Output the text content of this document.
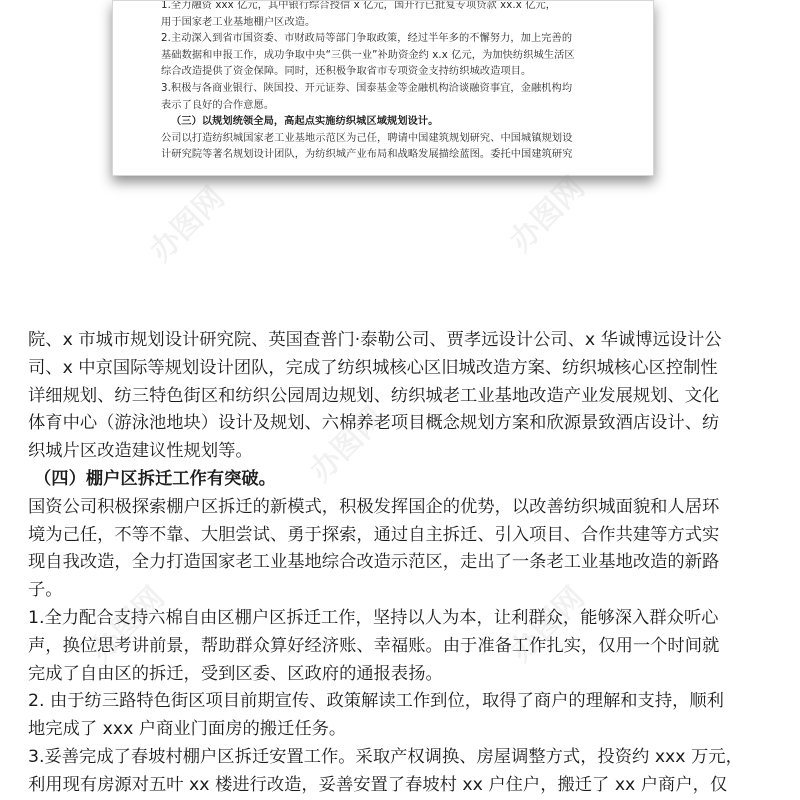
1.全力融资 xxx 亿元，其中银行综合授信 x 亿元，国开行已批复专项贷款 xx.x 亿元，
用于国家老工业基地棚户区改造。
2.主动深入到省市国资委、市财政局等部门争取政策，经过半年多的不懈努力，加上完善的
基础数据和申报工作，成功争取中央“三供一业”补助资金约 x.x 亿元，为加快纺织城生活区
综合改造提供了资金保障。同时，还积极争取省市专项资金支持纺织城改造项目。
3.积极与各商业银行、陕国投、开元证券、国泰基金等金融机构洽谈融资事宜，金融机构均
表示了良好的合作意愿。
（三）以规划统领全局，高起点实施纺织城区域规划设计。
公司以打造纺织城国家老工业基地示范区为己任，聘请中国建筑规划研究、中国城镇规划设
计研究院等著名规划设计团队，为纺织城产业布局和战略发展描绘蓝图。委托中国建筑研究
办图网	办图网
办图网
办图网	办图网
院、x 市城市规划设计研究院、英国查普门·泰勒公司、贾孝远设计公司、x 华诚博远设计公
司、x 中京国际等规划设计团队，完成了纺织城核心区旧城改造方案、纺织城核心区控制性
详细规划、纺三特色街区和纺织公园周边规划、纺织城老工业基地改造产业发展规划、文化
体育中心（游泳池地块）设计及规划、六棉养老项目概念规划方案和欣源景致酒店设计、纺
织城片区改造建议性规划等。
（四）棚户区拆迁工作有突破。
国资公司积极探索棚户区拆迁的新模式，积极发挥国企的优势，以改善纺织城面貌和人居环
境为己任，不等不靠、大胆尝试、勇于探索，通过自主拆迁、引入项目、合作共建等方式实
现自我改造，全力打造国家老工业基地综合改造示范区，走出了一条老工业基地改造的新路
子。
1.全力配合支持六棉自由区棚户区拆迁工作，坚持以人为本，让利群众，能够深入群众听心
声，换位思考讲前景，帮助群众算好经济账、幸福账。由于准备工作扎实，仅用一个时间就
完成了自由区的拆迁，受到区委、区政府的通报表扬。
2. 由于纺三路特色街区项目前期宣传、政策解读工作到位，取得了商户的理解和支持，顺利
地完成了 xxx 户商业门面房的搬迁任务。
3.妥善完成了春坡村棚户区拆迁安置工作。采取产权调换、房屋调整方式，投资约 xxx 万元，
利用现有房源对五叶 xx 楼进行改造，妥善安置了春坡村 xx 户住户，搬迁了 xx 户商户，仅
